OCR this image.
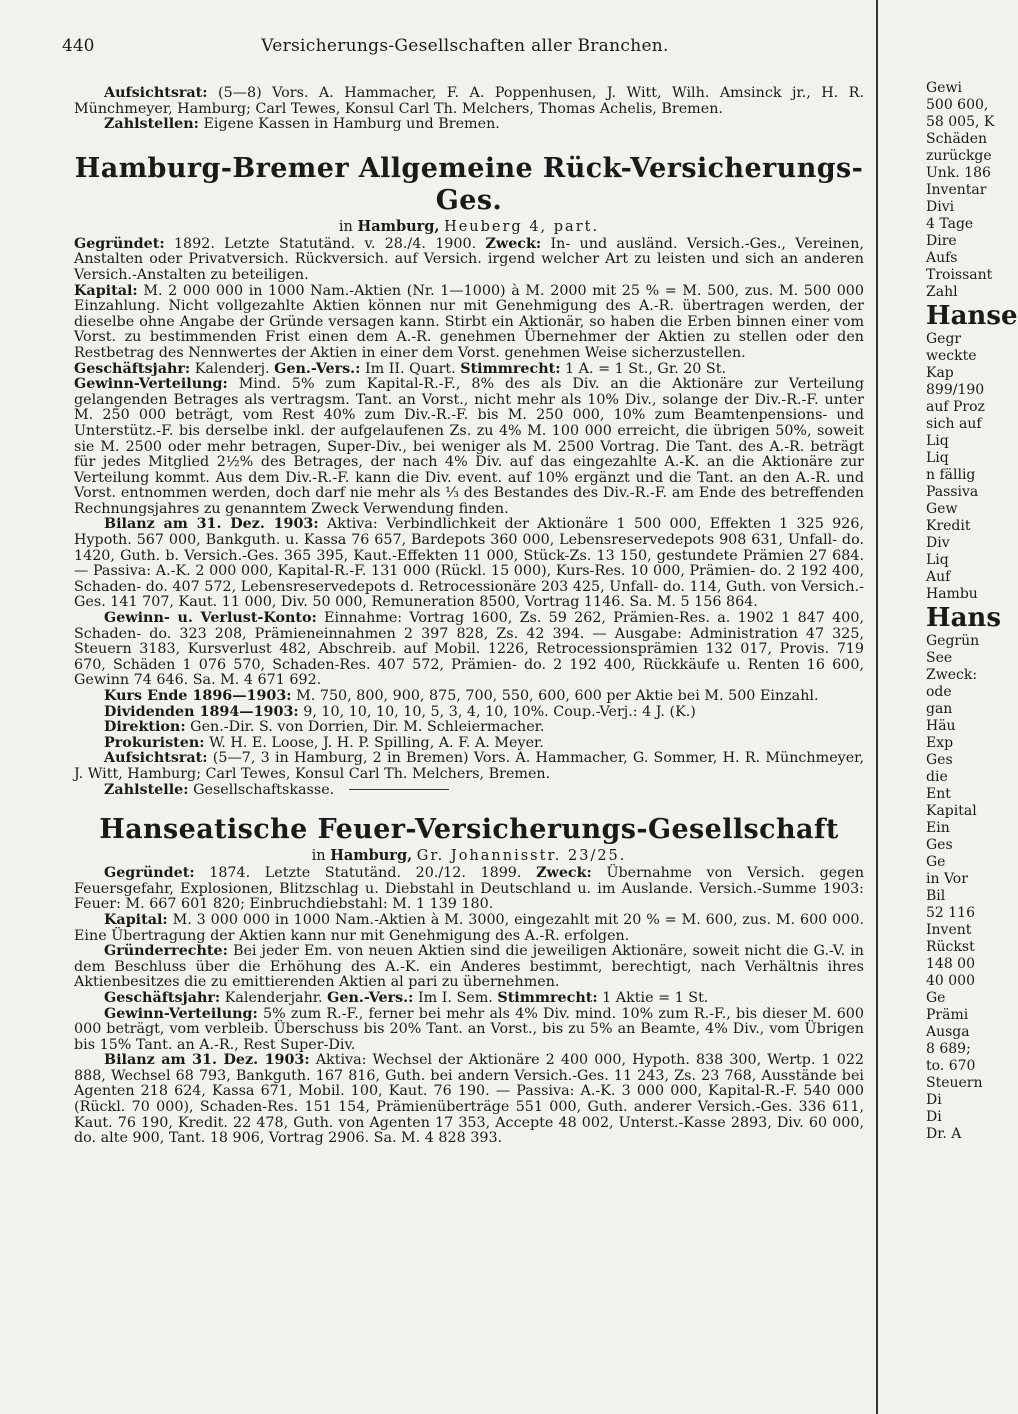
440	Versicherungs-Gesellschaften aller Branchen.

Aufsichtsrat: (5—8) Vors. A. Hammacher, F. A. Poppenhusen, J. Witt, Wilh. Amsinck jr., H. R. Münchmeyer, Hamburg; Carl Tewes, Konsul Carl Th. Melchers, Thomas Achelis, Bremen.

Zahlstellen: Eigene Kassen in Hamburg und Bremen.

Hamburg-Bremer Allgemeine Rück-Versicherungs-Ges.
in Hamburg, Heuberg 4, part.

Gegründet: 1892. Letzte Statutänd. v. 28./4. 1900. Zweck: In- und ausländ. Versich.-Ges., Vereinen, Anstalten oder Privatversich. Rückversich. auf Versich. irgend welcher Art zu leisten und sich an anderen Versich.-Anstalten zu beteiligen.

Kapital: M. 2 000 000 in 1000 Nam.-Aktien (Nr. 1—1000) à M. 2000 mit 25 % = M. 500, zus. M. 500 000 Einzahlung. Nicht vollgezahlte Aktien können nur mit Genehmigung des A.-R. übertragen werden, der dieselbe ohne Angabe der Gründe versagen kann. Stirbt ein Aktionär, so haben die Erben binnen einer vom Vorst. zu bestimmenden Frist einen dem A.-R. genehmen Übernehmer der Aktien zu stellen oder den Restbetrag des Nennwertes der Aktien in einer dem Vorst. genehmen Weise sicherzustellen.

Geschäftsjahr: Kalenderj. Gen.-Vers.: Im II. Quart. Stimmrecht: 1 A. = 1 St., Gr. 20 St.

Gewinn-Verteilung: Mind. 5% zum Kapital-R.-F., 8% des als Div. an die Aktionäre zur Verteilung gelangenden Betrages als vertragsm. Tant. an Vorst., nicht mehr als 10% Div., solange der Div.-R.-F. unter M. 250 000 beträgt, vom Rest 40% zum Div.-R.-F. bis M. 250 000, 10% zum Beamtenpensions- und Unterstütz.-F. bis derselbe inkl. der aufgelaufenen Zs. zu 4% M. 100 000 erreicht, die übrigen 50%, soweit sie M. 2500 oder mehr betragen, Super-Div., bei weniger als M. 2500 Vortrag. Die Tant. des A.-R. beträgt für jedes Mitglied 2½% des Betrages, der nach 4% Div. auf das eingezahlte A.-K. an die Aktionäre zur Verteilung kommt. Aus dem Div.-R.-F. kann die Div. event. auf 10% ergänzt und die Tant. an den A.-R. und Vorst. entnommen werden, doch darf nie mehr als ⅓ des Bestandes des Div.-R.-F. am Ende des betreffenden Rechnungsjahres zu genanntem Zweck Verwendung finden.

Bilanz am 31. Dez. 1903: Aktiva: Verbindlichkeit der Aktionäre 1 500 000, Effekten 1 325 926, Hypoth. 567 000, Bankguth. u. Kassa 76 657, Bardepots 360 000, Lebensreservedepots 908 631, Unfall- do. 1420, Guth. b. Versich.-Ges. 365 395, Kaut.-Effekten 11 000, Stück-Zs. 13 150, gestundete Prämien 27 684. — Passiva: A.-K. 2 000 000, Kapital-R.-F. 131 000 (Rückl. 15 000), Kurs-Res. 10 000, Prämien- do. 2 192 400, Schaden- do. 407 572, Lebensreservedepots d. Retrocessionäre 203 425, Unfall- do. 114, Guth. von Versich.-Ges. 141 707, Kaut. 11 000, Div. 50 000, Remuneration 8500, Vortrag 1146. Sa. M. 5 156 864.

Gewinn- u. Verlust-Konto: Einnahme: Vortrag 1600, Zs. 59 262, Prämien-Res. a. 1902 1 847 400, Schaden- do. 323 208, Prämieneinnahmen 2 397 828, Zs. 42 394. — Ausgabe: Administration 47 325, Steuern 3183, Kursverlust 482, Abschreib. auf Mobil. 1226, Retrocessionsprämien 132 017, Provis. 719 670, Schäden 1 076 570, Schaden-Res. 407 572, Prämien- do. 2 192 400, Rückkäufe u. Renten 16 600, Gewinn 74 646. Sa. M. 4 671 692.

Kurs Ende 1896—1903: M. 750, 800, 900, 875, 700, 550, 600, 600 per Aktie bei M. 500 Einzahl.

Dividenden 1894—1903: 9, 10, 10, 10, 10, 5, 3, 4, 10, 10%. Coup.-Verj.: 4 J. (K.)

Direktion: Gen.-Dir. S. von Dorrien, Dir. M. Schleiermacher.

Prokuristen: W. H. E. Loose, J. H. P. Spilling, A. F. A. Meyer.

Aufsichtsrat: (5—7, 3 in Hamburg, 2 in Bremen) Vors. A. Hammacher, G. Sommer, H. R. Münchmeyer, J. Witt, Hamburg; Carl Tewes, Konsul Carl Th. Melchers, Bremen.

Zahlstelle: Gesellschaftskasse.

Hanseatische Feuer-Versicherungs-Gesellschaft
in Hamburg, Gr. Johannisstr. 23/25.

Gegründet: 1874. Letzte Statutänd. 20./12. 1899. Zweck: Übernahme von Versich. gegen Feuersgefahr, Explosionen, Blitzschlag u. Diebstahl in Deutschland u. im Auslande. Versich.-Summe 1903: Feuer: M. 667 601 820; Einbruchdiebstahl: M. 1 139 180.

Kapital: M. 3 000 000 in 1000 Nam.-Aktien à M. 3000, eingezahlt mit 20 % = M. 600, zus. M. 600 000. Eine Übertragung der Aktien kann nur mit Genehmigung des A.-R. erfolgen.

Gründerrechte: Bei jeder Em. von neuen Aktien sind die jeweiligen Aktionäre, soweit nicht die G.-V. in dem Beschluss über die Erhöhung des A.-K. ein Anderes bestimmt, berechtigt, nach Verhältnis ihres Aktienbesitzes die zu emittierenden Aktien al pari zu übernehmen.

Geschäftsjahr: Kalenderjahr. Gen.-Vers.: Im I. Sem. Stimmrecht: 1 Aktie = 1 St.

Gewinn-Verteilung: 5% zum R.-F., ferner bei mehr als 4% Div. mind. 10% zum R.-F., bis dieser M. 600 000 beträgt, vom verbleib. Überschuss bis 20% Tant. an Vorst., bis zu 5% an Beamte, 4% Div., vom Übrigen bis 15% Tant. an A.-R., Rest Super-Div.

Bilanz am 31. Dez. 1903: Aktiva: Wechsel der Aktionäre 2 400 000, Hypoth. 838 300, Wertp. 1 022 888, Wechsel 68 793, Bankguth. 167 816, Guth. bei andern Versich.-Ges. 11 243, Zs. 23 768, Ausstände bei Agenten 218 624, Kassa 671, Mobil. 100, Kaut. 76 190. — Passiva: A.-K. 3 000 000, Kapital-R.-F. 540 000 (Rückl. 70 000), Schaden-Res. 151 154, Prämienüberträge 551 000, Guth. anderer Versich.-Ges. 336 611, Kaut. 76 190, Kredit. 22 478, Guth. von Agenten 17 353, Accepte 48 002, Unterst.-Kasse 2893, Div. 60 000, do. alte 900, Tant. 18 906, Vortrag 2906. Sa. M. 4 828 393.

Gewi
500 600,
58 005, K
Schäden
zurückge
Unk. 186
Inventar
Divi
4 Tage
Dire
Aufs
Troissant
Zahl
Hanse
Gegr
weckte
Kap
899/190
auf Proz
sich auf
Liq
Liq
n fällig
Passiva
Gew
Kredit
Div
Liq
Auf
Hambu
Hans
Gegrün
See
Zweck:
ode
gan
Häu
Exp
Ges
die
Ent
Kapital
Ein
Ges
Ge
in Vor
Bil
52 116
Invent
Rückst
148 00
40 000
Ge
Prämi
Ausga
8 689;
to. 670
Steuern
Di
Di
Dr. A
